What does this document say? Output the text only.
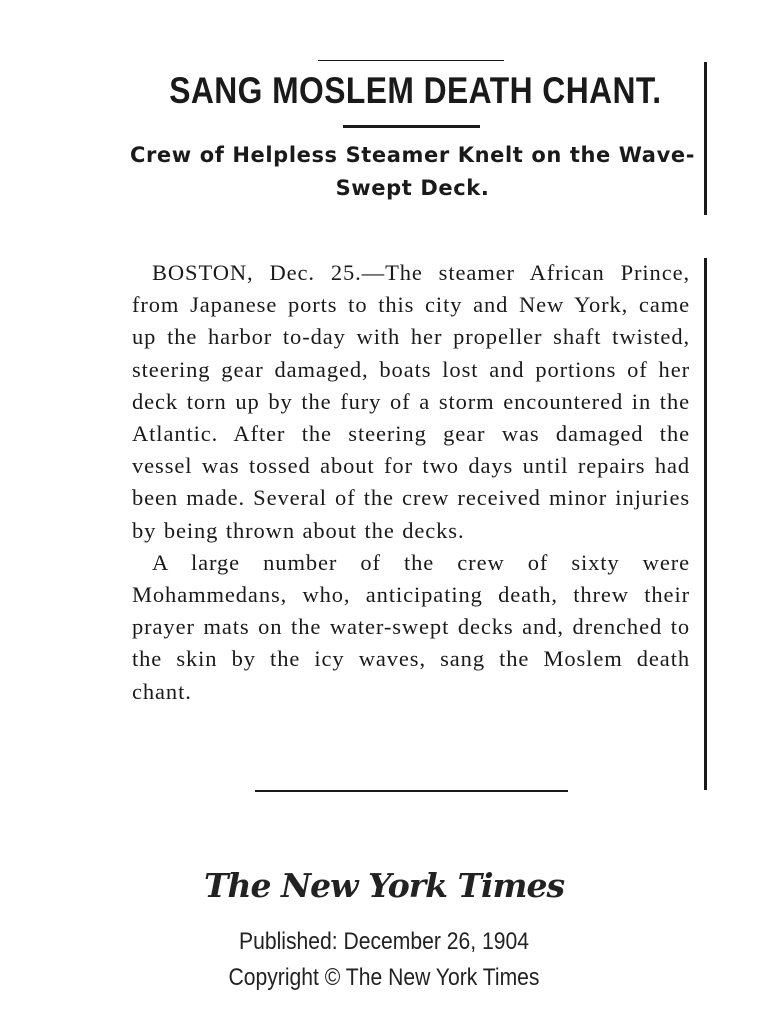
SANG MOSLEM DEATH CHANT.
Crew of Helpless Steamer Knelt on the Wave-Swept Deck.

BOSTON, Dec. 25.—The steamer African Prince, from Japanese ports to this city and New York, came up the harbor to-day with her propeller shaft twisted, steering gear damaged, boats lost and portions of her deck torn up by the fury of a storm encountered in the Atlantic. After the steering gear was damaged the vessel was tossed about for two days until repairs had been made. Several of the crew received minor injuries by being thrown about the decks.

A large number of the crew of sixty were Mohammedans, who, anticipating death, threw their prayer mats on the water-swept decks and, drenched to the skin by the icy waves, sang the Moslem death chant.

The New York Times
Published: December 26, 1904
Copyright © The New York Times
